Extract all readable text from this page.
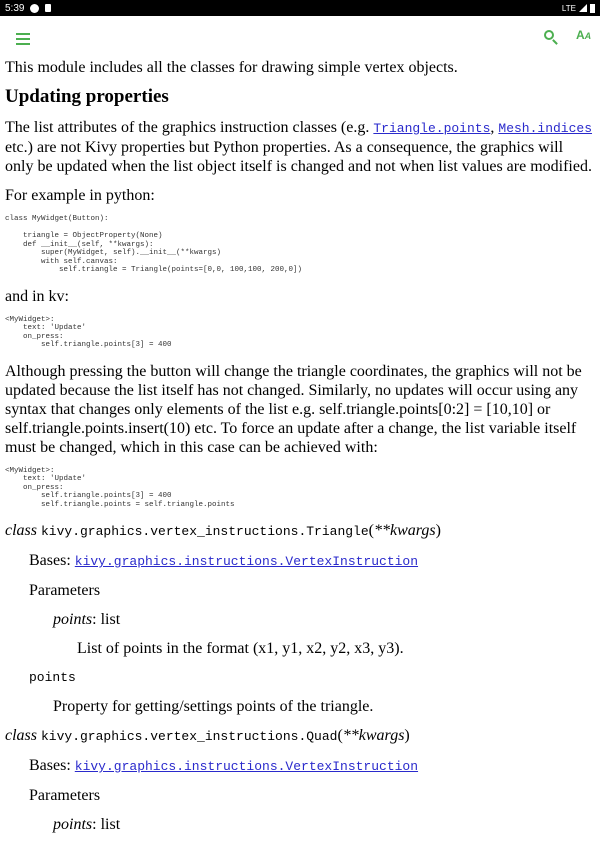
5:39	LTE
AA

This module includes all the classes for drawing simple vertex objects.

Updating properties

The list attributes of the graphics instruction classes (e.g. Triangle.points, Mesh.indices etc.) are not Kivy properties but Python properties. As a consequence, the graphics will only be updated when the list object itself is changed and not when list values are modified.

For example in python:

class MyWidget(Button):

triangle = ObjectProperty(None)
def __init__(self, **kwargs):
super(MyWidget, self).__init__(**kwargs)
with self.canvas:
self.triangle = Triangle(points=[0,0, 100,100, 200,0])

and in kv:

<MyWidget>:
text: 'Update'
on_press:
self.triangle.points[3] = 400

Although pressing the button will change the triangle coordinates, the graphics will not be updated because the list itself has not changed. Similarly, no updates will occur using any syntax that changes only elements of the list e.g. self.triangle.points[0:2] = [10,10] or self.triangle.points.insert(10) etc. To force an update after a change, the list variable itself must be changed, which in this case can be achieved with:

<MyWidget>:
text: 'Update'
on_press:
self.triangle.points[3] = 400
self.triangle.points = self.triangle.points
class kivy.graphics.vertex_instructions.Triangle(**kwargs)

Bases: kivy.graphics.instructions.VertexInstruction

Parameters

points: list

List of points in the format (x1, y1, x2, y2, x3, y3).

points

Property for getting/settings points of the triangle.

class kivy.graphics.vertex_instructions.Quad(**kwargs)

Bases: kivy.graphics.instructions.VertexInstruction

Parameters

points: list
